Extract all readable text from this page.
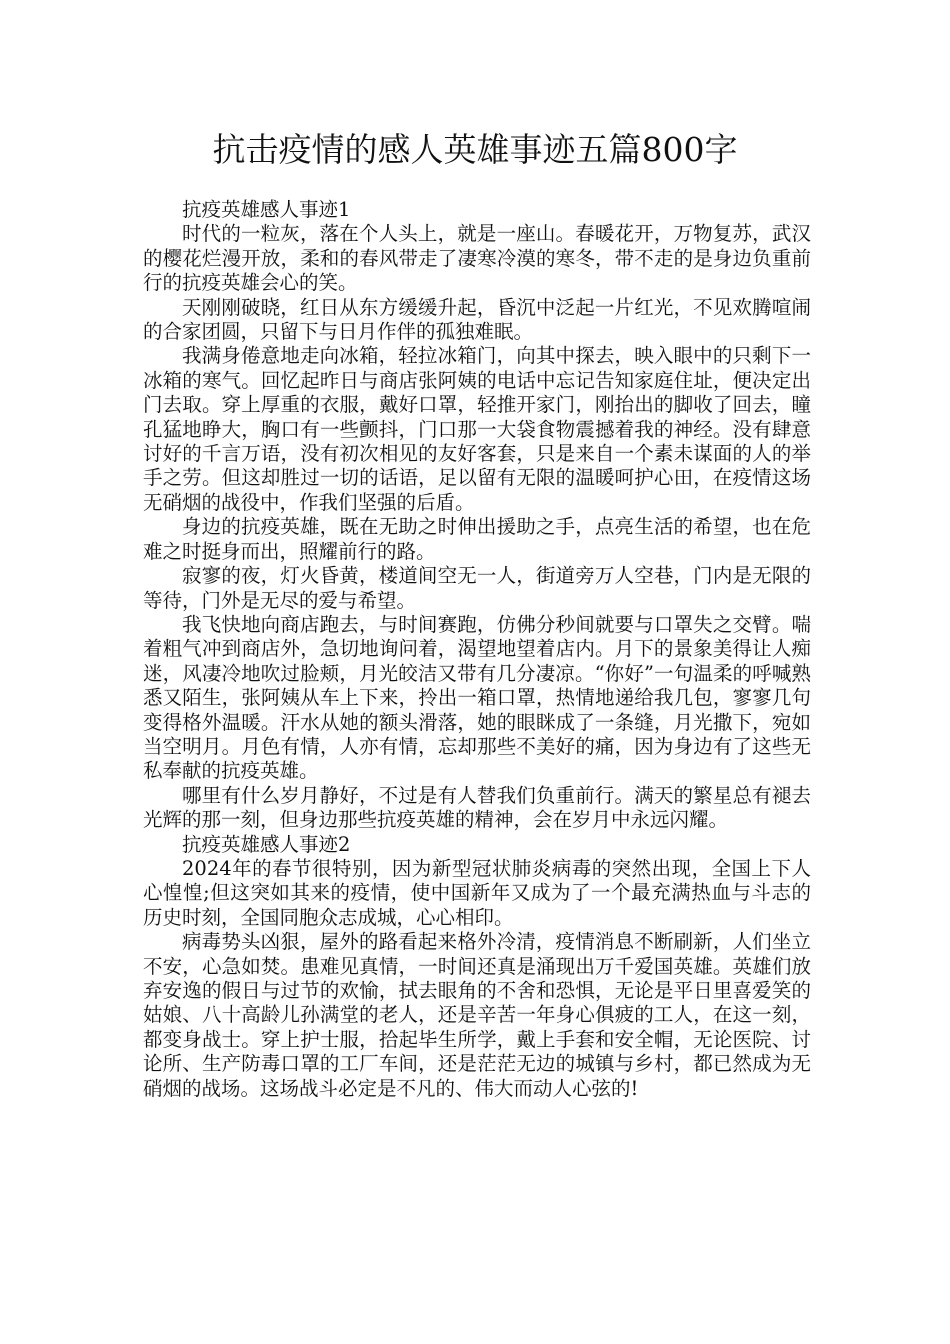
抗击疫情的感人英雄事迹五篇800字

抗疫英雄感人事迹1

时代的一粒灰，落在个人头上，就是一座山。春暖花开，万物复苏，武汉的樱花烂漫开放，柔和的春风带走了凄寒冷漠的寒冬，带不走的是身边负重前行的抗疫英雄会心的笑。

天刚刚破晓，红日从东方缓缓升起，昏沉中泛起一片红光，不见欢腾喧闹的合家团圆，只留下与日月作伴的孤独难眠。

我满身倦意地走向冰箱，轻拉冰箱门，向其中探去，映入眼中的只剩下一冰箱的寒气。回忆起昨日与商店张阿姨的电话中忘记告知家庭住址，便决定出门去取。穿上厚重的衣服，戴好口罩，轻推开家门，刚抬出的脚收了回去，瞳孔猛地睁大，胸口有一些颤抖，门口那一大袋食物震撼着我的神经。没有肆意讨好的千言万语，没有初次相见的友好客套，只是来自一个素未谋面的人的举手之劳。但这却胜过一切的话语，足以留有无限的温暖呵护心田，在疫情这场无硝烟的战役中，作我们坚强的后盾。

身边的抗疫英雄，既在无助之时伸出援助之手，点亮生活的希望，也在危难之时挺身而出，照耀前行的路。

寂寥的夜，灯火昏黄，楼道间空无一人，街道旁万人空巷，门内是无限的等待，门外是无尽的爱与希望。

我飞快地向商店跑去，与时间赛跑，仿佛分秒间就要与口罩失之交臂。喘着粗气冲到商店外，急切地询问着，渴望地望着店内。月下的景象美得让人痴迷，风凄冷地吹过脸颊，月光皎洁又带有几分凄凉。“你好”一句温柔的呼喊熟悉又陌生，张阿姨从车上下来，拎出一箱口罩，热情地递给我几包，寥寥几句变得格外温暖。汗水从她的额头滑落，她的眼眯成了一条缝，月光撒下，宛如当空明月。月色有情，人亦有情，忘却那些不美好的痛，因为身边有了这些无私奉献的抗疫英雄。

哪里有什么岁月静好，不过是有人替我们负重前行。满天的繁星总有褪去光辉的那一刻，但身边那些抗疫英雄的精神，会在岁月中永远闪耀。

抗疫英雄感人事迹2

2024年的春节很特别，因为新型冠状肺炎病毒的突然出现，全国上下人心惶惶;但这突如其来的疫情，使中国新年又成为了一个最充满热血与斗志的历史时刻，全国同胞众志成城，心心相印。

病毒势头凶狠，屋外的路看起来格外冷清，疫情消息不断刷新，人们坐立不安，心急如焚。患难见真情，一时间还真是涌现出万千爱国英雄。英雄们放弃安逸的假日与过节的欢愉，拭去眼角的不舍和恐惧，无论是平日里喜爱笑的姑娘、八十高龄儿孙满堂的老人，还是辛苦一年身心俱疲的工人，在这一刻，都变身战士。穿上护士服，拾起毕生所学，戴上手套和安全帽，无论医院、讨论所、生产防毒口罩的工厂车间，还是茫茫无边的城镇与乡村，都已然成为无硝烟的战场。这场战斗必定是不凡的、伟大而动人心弦的!
